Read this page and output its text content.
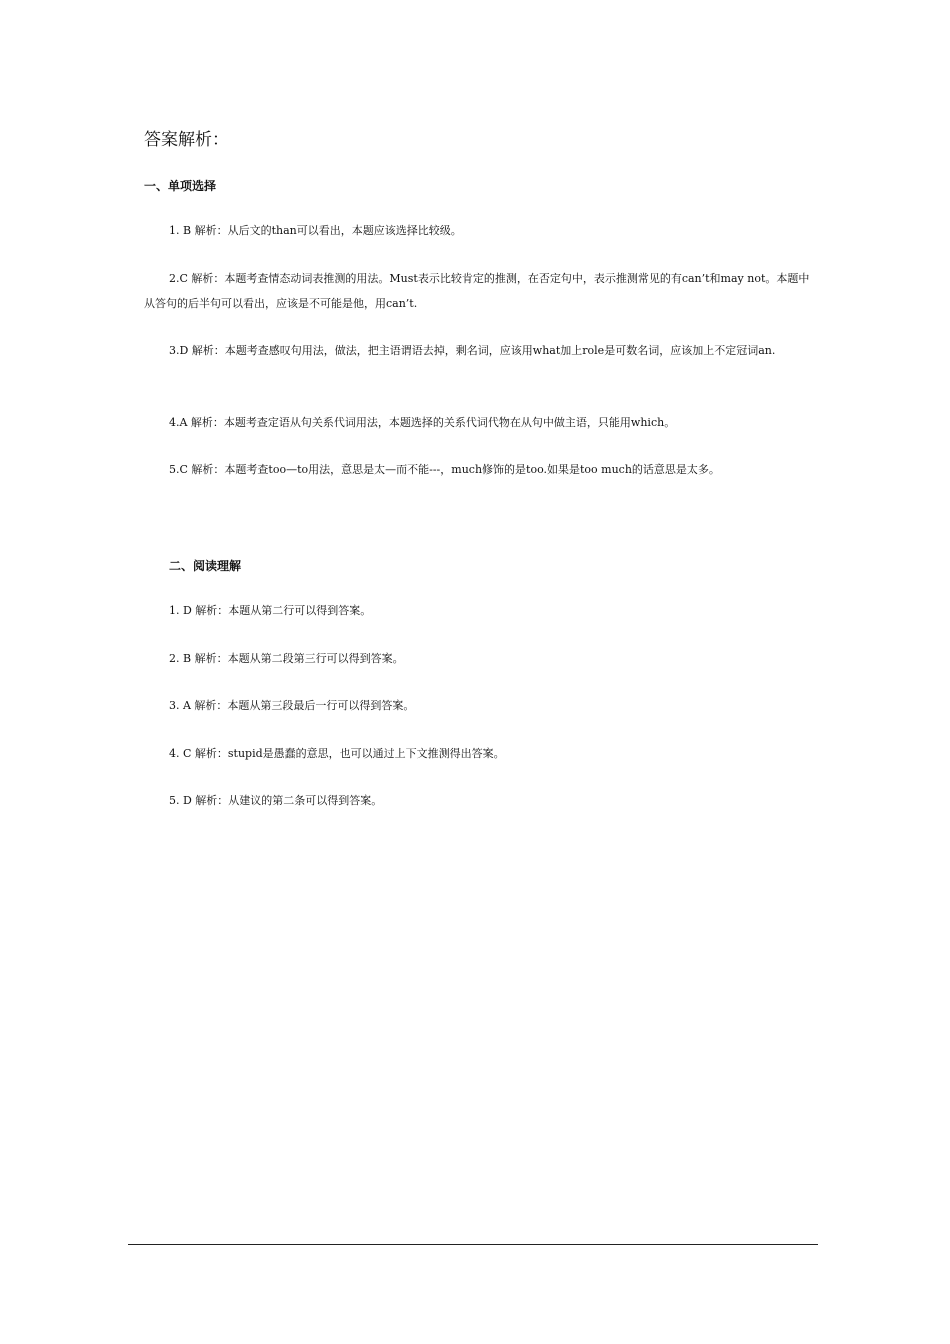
答案解析：
一、单项选择
1. B 解析：从后文的than可以看出，本题应该选择比较级。
2.C 解析：本题考查情态动词表推测的用法。Must表示比较肯定的推测，在否定句中，表示推测常见的有can’t和may not。本题中从答句的后半句可以看出，应该是不可能是他，用can’t.
3.D 解析：本题考查感叹句用法，做法，把主语谓语去掉，剩名词，应该用what加上role是可数名词，应该加上不定冠词an.
4.A 解析：本题考查定语从句关系代词用法，本题选择的关系代词代物在从句中做主语，只能用which。
5.C 解析：本题考查too—to用法，意思是太—而不能---，much修饰的是too.如果是too much的话意思是太多。
二、阅读理解
1. D 解析：本题从第二行可以得到答案。
2. B 解析：本题从第二段第三行可以得到答案。
3. A 解析：本题从第三段最后一行可以得到答案。
4. C 解析：stupid是愚蠢的意思，也可以通过上下文推测得出答案。
5. D 解析：从建议的第二条可以得到答案。
